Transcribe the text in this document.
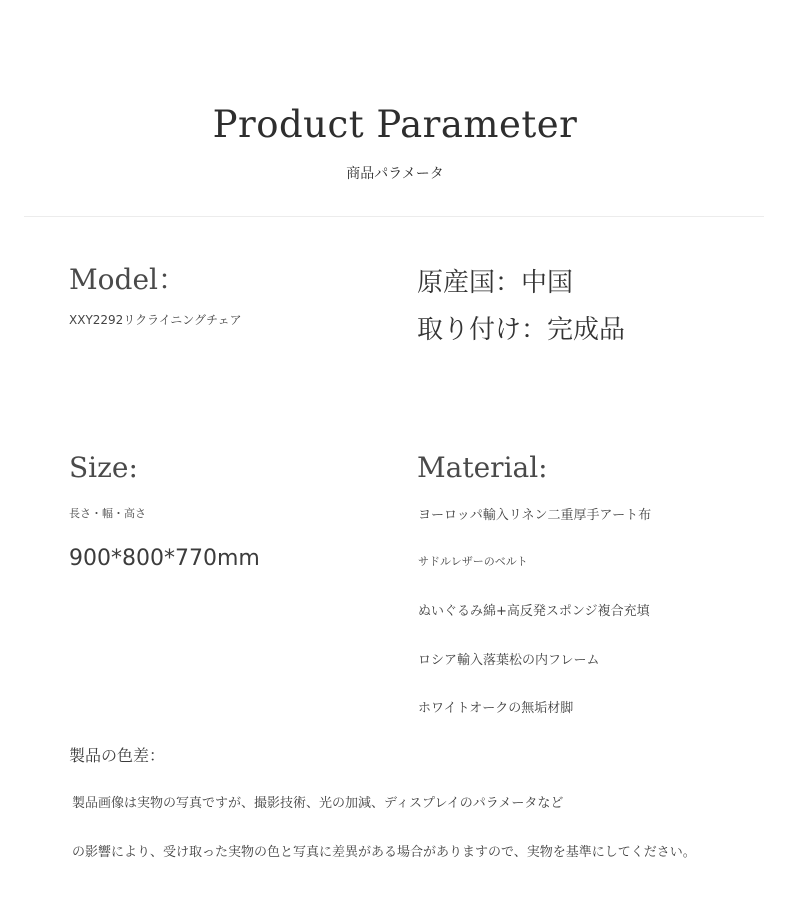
Product Parameter
商品パラメータ
Model：
XXY2292リクライニングチェア
原産国：中国
取り付け：完成品
Size:
長さ・幅・高さ
900*800*770mm
Material:
ヨーロッパ輸入リネン二重厚手アート布
サドルレザーのベルト
ぬいぐるみ綿+高反発スポンジ複合充填
ロシア輸入落葉松の内フレーム
ホワイトオークの無垢材脚
製品の色差：
製品画像は実物の写真ですが、撮影技術、光の加減、ディスプレイのパラメータなど
の影響により、受け取った実物の色と写真に差異がある場合がありますので、実物を基準にしてください。
